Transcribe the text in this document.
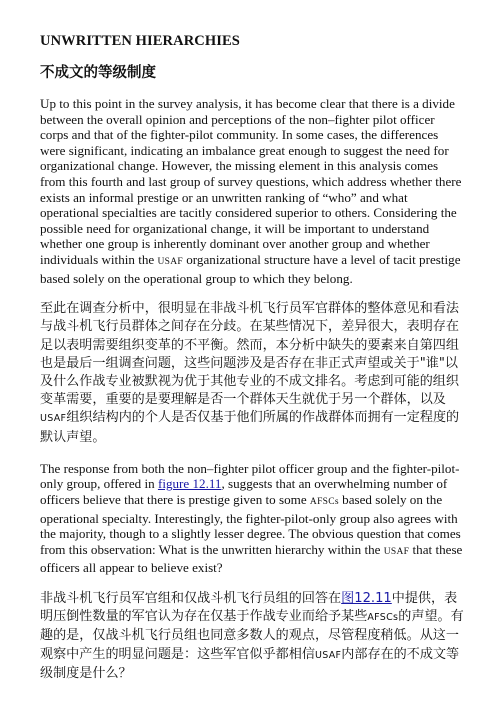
UNWRITTEN HIERARCHIES
不成文的等级制度

Up to this point in the survey analysis, it has become clear that there is a divide between the overall opinion and perceptions of the non–fighter pilot officer corps and that of the fighter-pilot community. In some cases, the differences were significant, indicating an imbalance great enough to suggest the need for organizational change. However, the missing element in this analysis comes from this fourth and last group of survey questions, which address whether there exists an informal prestige or an unwritten ranking of “who” and what operational specialties are tacitly considered superior to others. Considering the possible need for organizational change, it will be important to understand whether one group is inherently dominant over another group and whether individuals within the USAF organizational structure have a level of tacit prestige based solely on the operational group to which they belong.

至此在调查分析中，很明显在非战斗机飞行员军官群体的整体意见和看法与战斗机飞行员群体之间存在分歧。在某些情况下，差异很大，表明存在足以表明需要组织变革的不平衡。然而，本分析中缺失的要素来自第四组也是最后一组调查问题，这些问题涉及是否存在非正式声望或关于"谁"以及什么作战专业被默视为优于其他专业的不成文排名。考虑到可能的组织变革需要，重要的是要理解是否一个群体天生就优于另一个群体，以及USAF组织结构内的个人是否仅基于他们所属的作战群体而拥有一定程度的默认声望。

The response from both the non–fighter pilot officer group and the fighter-pilot-only group, offered in figure 12.11, suggests that an overwhelming number of officers believe that there is prestige given to some AFSCs based solely on the operational specialty. Interestingly, the fighter-pilot-only group also agrees with the majority, though to a slightly lesser degree. The obvious question that comes from this observation: What is the unwritten hierarchy within the USAF that these officers all appear to believe exist?

非战斗机飞行员军官组和仅战斗机飞行员组的回答在图12.11中提供，表明压倒性数量的军官认为存在仅基于作战专业而给予某些AFSCs的声望。有趣的是，仅战斗机飞行员组也同意多数人的观点，尽管程度稍低。从这一观察中产生的明显问题是：这些军官似乎都相信USAF内部存在的不成文等级制度是什么？
